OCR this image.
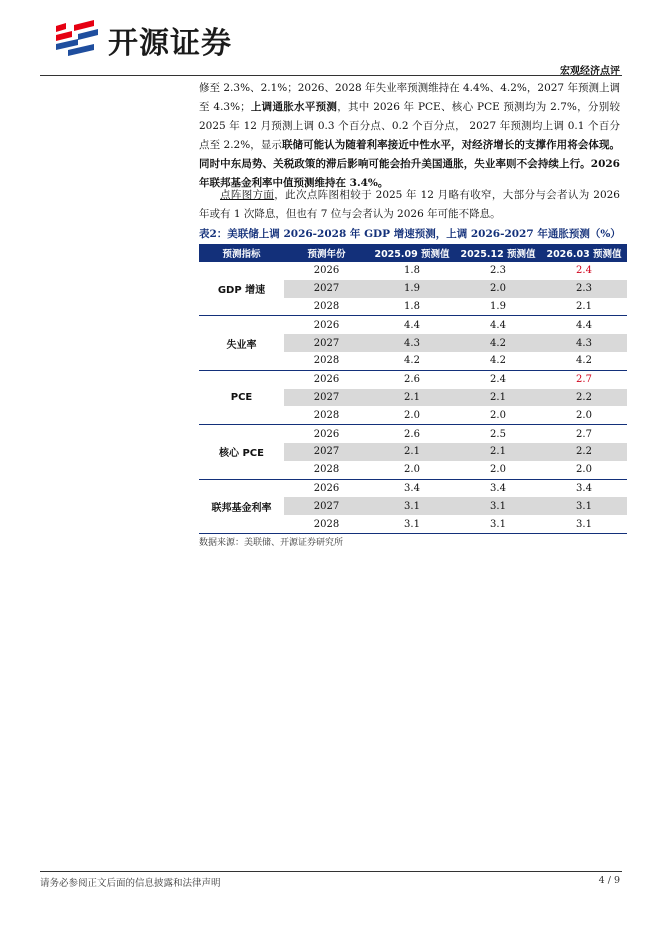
开源证券
宏观经济点评
修至 2.3%、2.1%；2026、2028 年失业率预测维持在 4.4%、4.2%，2027 年预测上调至 4.3%；上调通胀水平预测，其中 2026 年 PCE、核心 PCE 预测均为 2.7%，分别较 2025 年 12 月预测上调 0.3 个百分点、0.2 个百分点， 2027 年预测均上调 0.1 个百分点至 2.2%，显示联储可能认为随着利率接近中性水平，对经济增长的支撑作用将会体现。同时中东局势、关税政策的滞后影响可能会抬升美国通胀，失业率则不会持续上行。2026 年联邦基金利率中值预测维持在 3.4%。
点阵图方面，此次点阵图相较于 2025 年 12 月略有收窄，大部分与会者认为 2026 年或有 1 次降息，但也有 7 位与会者认为 2026 年可能不降息。
表2：美联储上调 2026-2028 年 GDP 增速预测，上调 2026-2027 年通胀预测（%）
预测指标	预测年份	2025.09 预测值	2025.12 预测值	2026.03 预测值
GDP 增速	2026	1.8	2.3	2.4
	2027	1.9	2.0	2.3
	2028	1.8	1.9	2.1
失业率	2026	4.4	4.4	4.4
	2027	4.3	4.2	4.3
	2028	4.2	4.2	4.2
PCE	2026	2.6	2.4	2.7
	2027	2.1	2.1	2.2
	2028	2.0	2.0	2.0
核心 PCE	2026	2.6	2.5	2.7
	2027	2.1	2.1	2.2
	2028	2.0	2.0	2.0
联邦基金利率	2026	3.4	3.4	3.4
	2027	3.1	3.1	3.1
	2028	3.1	3.1	3.1
数据来源：美联储、开源证券研究所
请务必参阅正文后面的信息披露和法律声明	4 / 9
